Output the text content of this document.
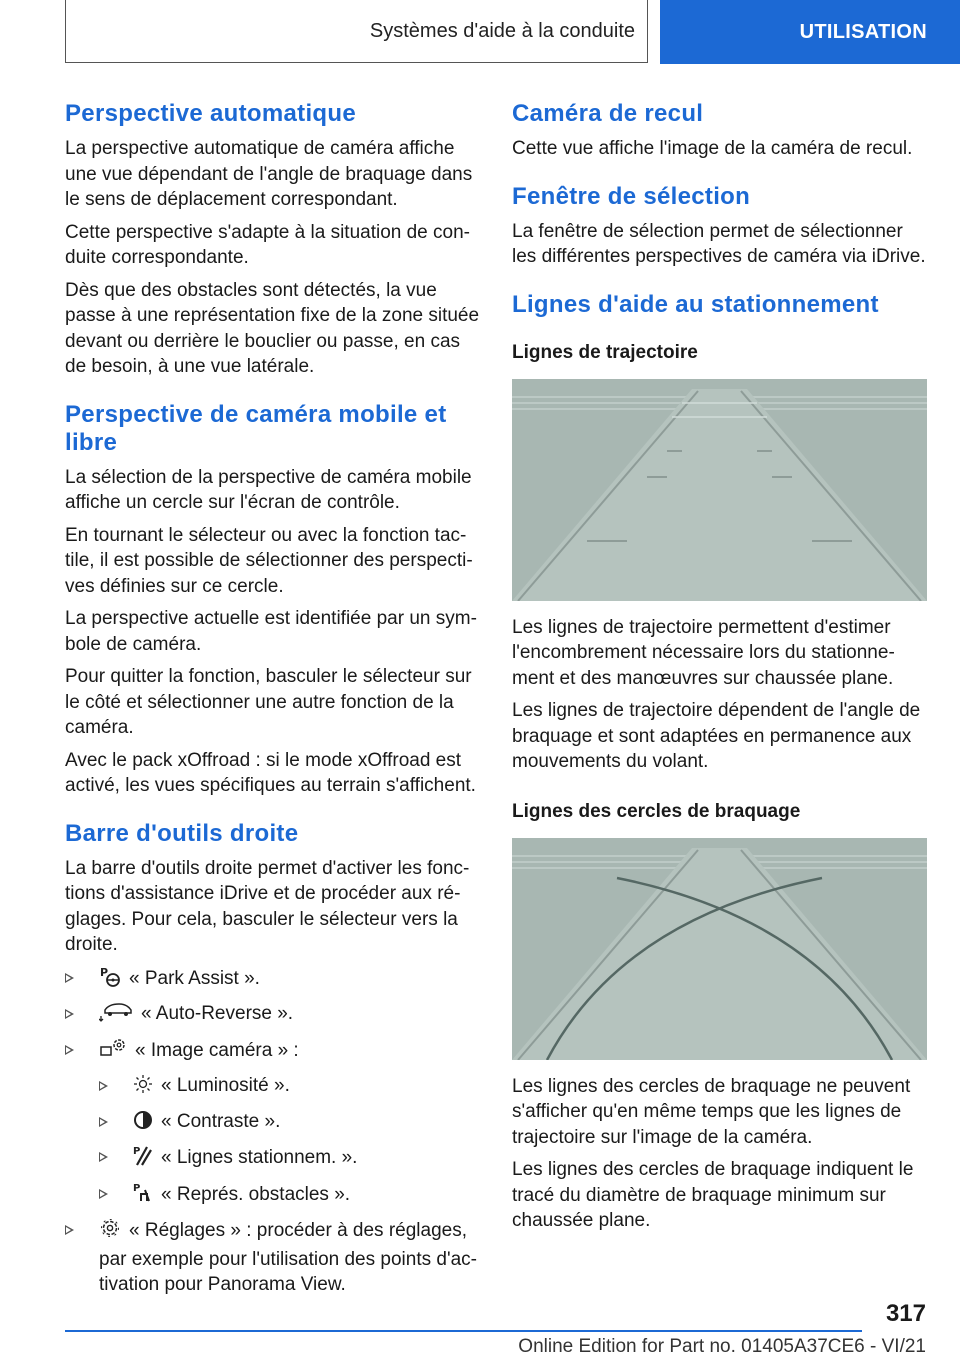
Systèmes d'aide à la conduite	UTILISATION
Perspective automatique

La perspective automatique de caméra affiche une vue dépendant de l'angle de braquage dans le sens de déplacement correspondant.

Cette perspective s'adapte à la situation de conduite correspondante.

Dès que des obstacles sont détectés, la vue passe à une représentation fixe de la zone située devant ou derrière le bouclier ou passe, en cas de besoin, à une vue latérale.

Perspective de caméra mobile et libre

La sélection de la perspective de caméra mobile affiche un cercle sur l'écran de contrôle.

En tournant le sélecteur ou avec la fonction tactile, il est possible de sélectionner des perspectives définies sur ce cercle.

La perspective actuelle est identifiée par un symbole de caméra.

Pour quitter la fonction, basculer le sélecteur sur le côté et sélectionner une autre fonction de la caméra.

Avec le pack xOffroad : si le mode xOffroad est activé, les vues spécifiques au terrain s'affichent.

Barre d'outils droite

La barre d'outils droite permet d'activer les fonctions d'assistance iDrive et de procéder aux réglages. Pour cela, basculer le sélecteur vers la droite.

P « Park Assist ».
« Auto-Reverse ».
« Image caméra » :
« Luminosité ».
« Contraste ».
P « Lignes stationnem. ».
P « Représ. obstacles ».
« Réglages » : procéder à des réglages, par exemple pour l'utilisation des points d'activation pour Panorama View.
Caméra de recul

Cette vue affiche l'image de la caméra de recul.

Fenêtre de sélection

La fenêtre de sélection permet de sélectionner les différentes perspectives de caméra via iDrive.

Lignes d'aide au stationnement
Lignes de trajectoire

Les lignes de trajectoire permettent d'estimer l'encombrement nécessaire lors du stationnement et des manœuvres sur chaussée plane.

Les lignes de trajectoire dépendent de l'angle de braquage et sont adaptées en permanence aux mouvements du volant.

Lignes des cercles de braquage

Les lignes des cercles de braquage ne peuvent s'afficher qu'en même temps que les lignes de trajectoire sur l'image de la caméra.

Les lignes des cercles de braquage indiquent le tracé du diamètre de braquage minimum sur chaussée plane.

317
Online Edition for Part no. 01405A37CE6 - VI/21
